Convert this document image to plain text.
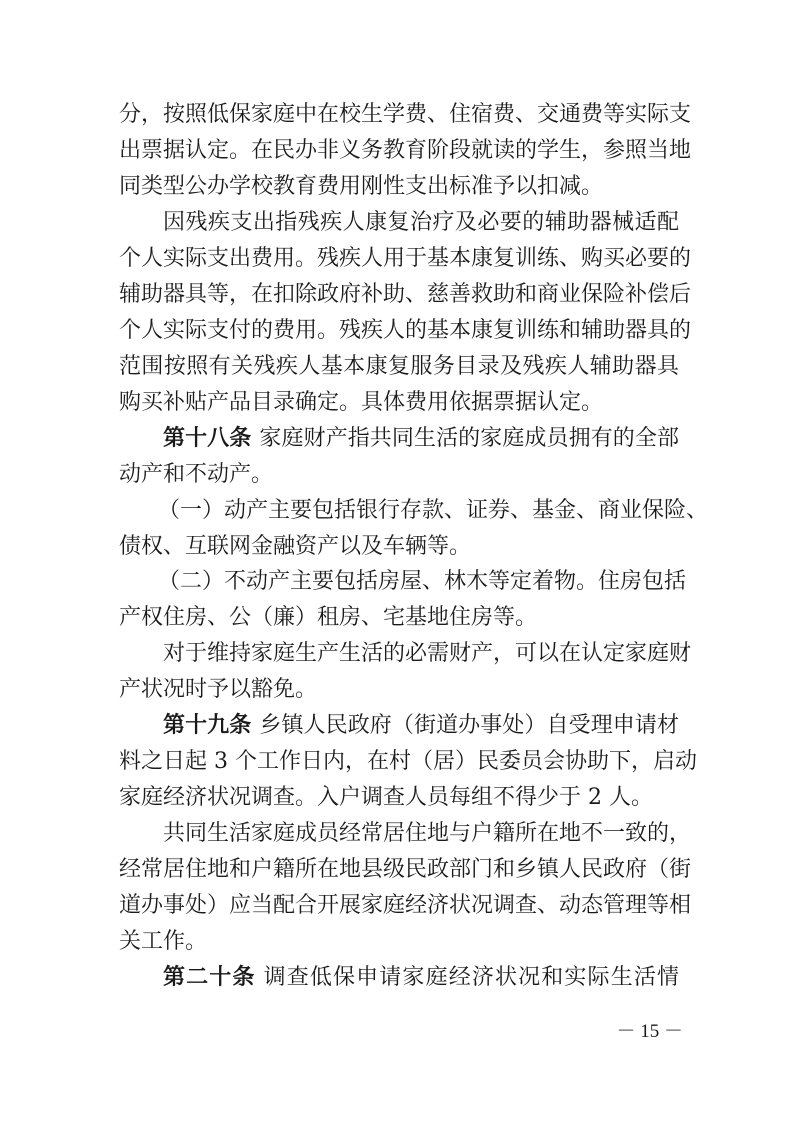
分，按照低保家庭中在校生学费、住宿费、交通费等实际支
出票据认定。在民办非义务教育阶段就读的学生，参照当地
同类型公办学校教育费用刚性支出标准予以扣减。
因残疾支出指残疾人康复治疗及必要的辅助器械适配
个人实际支出费用。残疾人用于基本康复训练、购买必要的
辅助器具等，在扣除政府补助、慈善救助和商业保险补偿后
个人实际支付的费用。残疾人的基本康复训练和辅助器具的
范围按照有关残疾人基本康复服务目录及残疾人辅助器具
购买补贴产品目录确定。具体费用依据票据认定。
第十八条 家庭财产指共同生活的家庭成员拥有的全部
动产和不动产。
（一）动产主要包括银行存款、证券、基金、商业保险、
债权、互联网金融资产以及车辆等。
（二）不动产主要包括房屋、林木等定着物。住房包括
产权住房、公（廉）租房、宅基地住房等。
对于维持家庭生产生活的必需财产，可以在认定家庭财
产状况时予以豁免。
第十九条 乡镇人民政府（街道办事处）自受理申请材
料之日起 3 个工作日内，在村（居）民委员会协助下，启动
家庭经济状况调查。入户调查人员每组不得少于 2 人。
共同生活家庭成员经常居住地与户籍所在地不一致的，
经常居住地和户籍所在地县级民政部门和乡镇人民政府（街
道办事处）应当配合开展家庭经济状况调查、动态管理等相
关工作。
第二十条 调查低保申请家庭经济状况和实际生活情
－ 15 －
